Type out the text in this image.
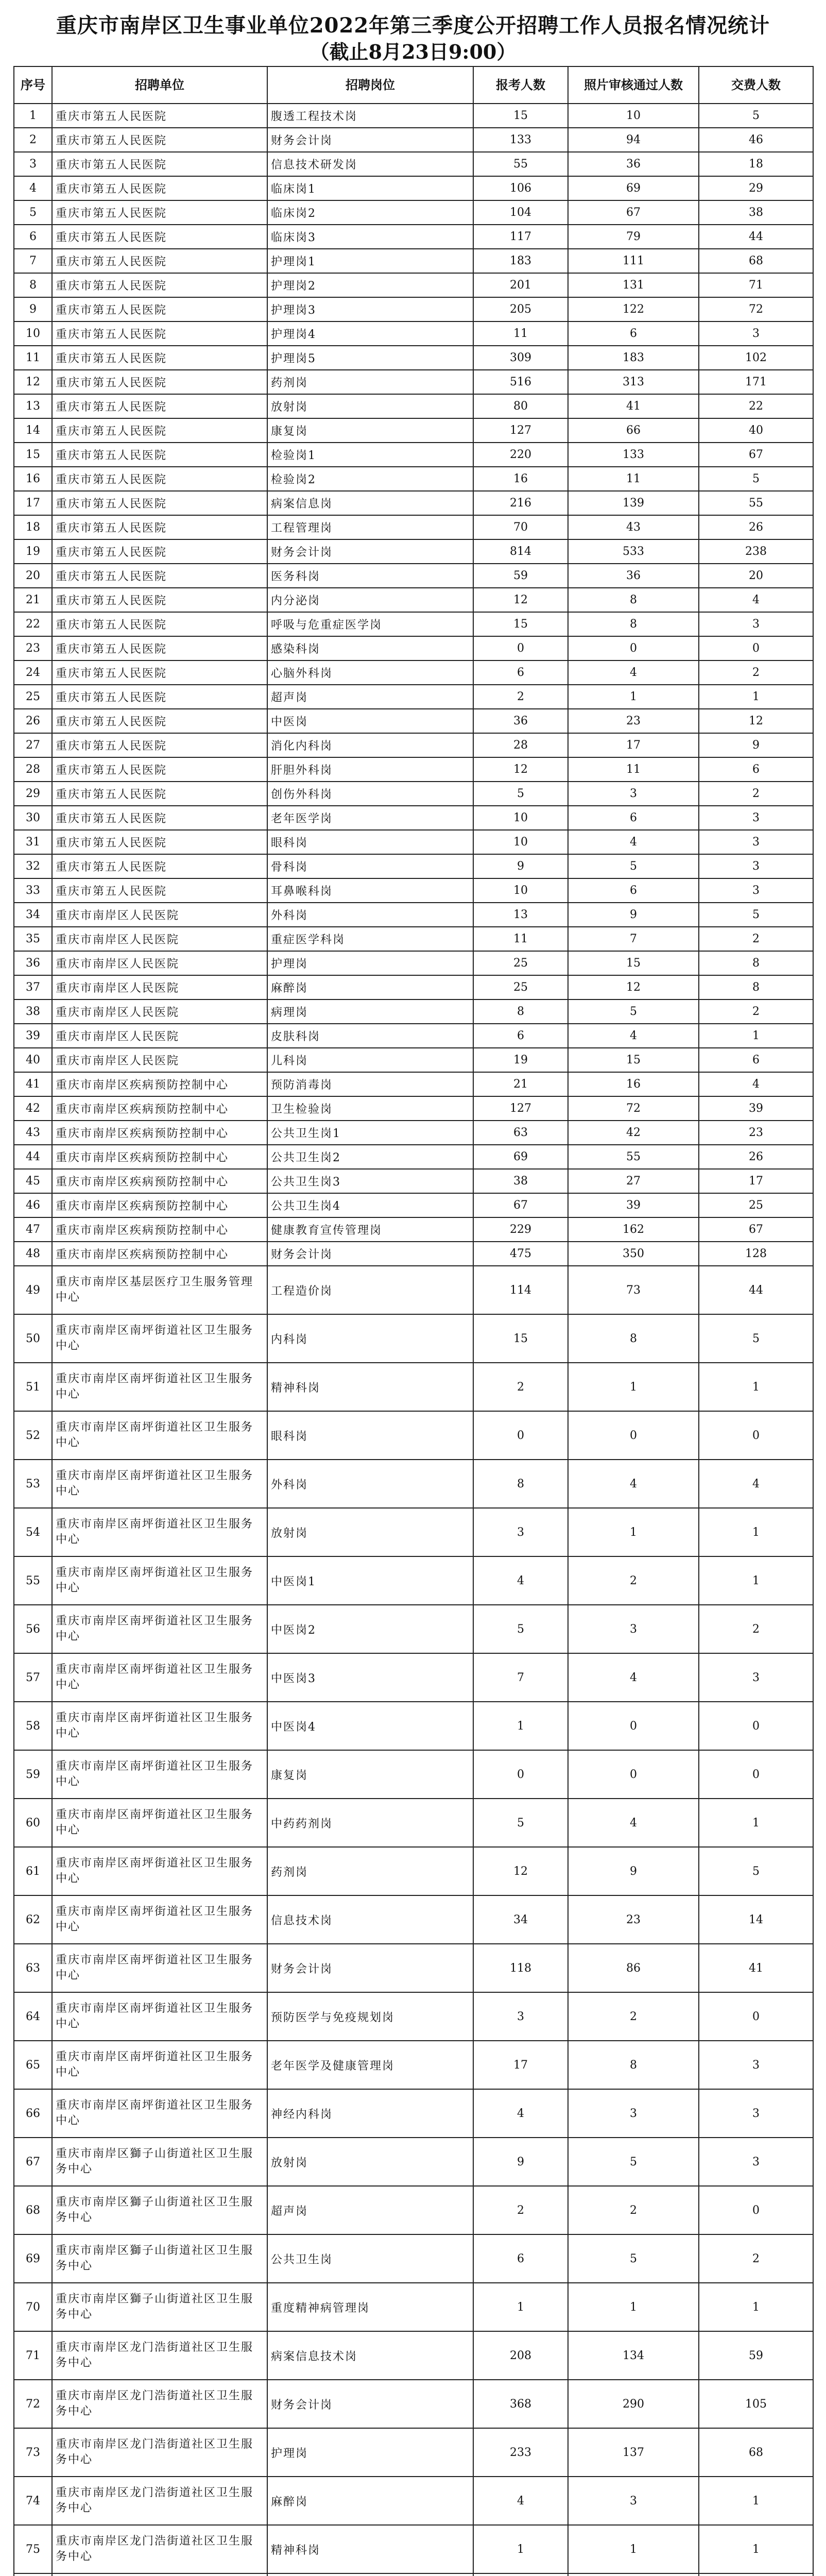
重庆市南岸区卫生事业单位2022年第三季度公开招聘工作人员报名情况统计
（截止8月23日9:00）
序号	招聘单位	招聘岗位	报考人数	照片审核通过人数	交费人数
1	重庆市第五人民医院	腹透工程技术岗	15	10	5
2	重庆市第五人民医院	财务会计岗	133	94	46
3	重庆市第五人民医院	信息技术研发岗	55	36	18
4	重庆市第五人民医院	临床岗1	106	69	29
5	重庆市第五人民医院	临床岗2	104	67	38
6	重庆市第五人民医院	临床岗3	117	79	44
7	重庆市第五人民医院	护理岗1	183	111	68
8	重庆市第五人民医院	护理岗2	201	131	71
9	重庆市第五人民医院	护理岗3	205	122	72
10	重庆市第五人民医院	护理岗4	11	6	3
11	重庆市第五人民医院	护理岗5	309	183	102
12	重庆市第五人民医院	药剂岗	516	313	171
13	重庆市第五人民医院	放射岗	80	41	22
14	重庆市第五人民医院	康复岗	127	66	40
15	重庆市第五人民医院	检验岗1	220	133	67
16	重庆市第五人民医院	检验岗2	16	11	5
17	重庆市第五人民医院	病案信息岗	216	139	55
18	重庆市第五人民医院	工程管理岗	70	43	26
19	重庆市第五人民医院	财务会计岗	814	533	238
20	重庆市第五人民医院	医务科岗	59	36	20
21	重庆市第五人民医院	内分泌岗	12	8	4
22	重庆市第五人民医院	呼吸与危重症医学岗	15	8	3
23	重庆市第五人民医院	感染科岗	0	0	0
24	重庆市第五人民医院	心脑外科岗	6	4	2
25	重庆市第五人民医院	超声岗	2	1	1
26	重庆市第五人民医院	中医岗	36	23	12
27	重庆市第五人民医院	消化内科岗	28	17	9
28	重庆市第五人民医院	肝胆外科岗	12	11	6
29	重庆市第五人民医院	创伤外科岗	5	3	2
30	重庆市第五人民医院	老年医学岗	10	6	3
31	重庆市第五人民医院	眼科岗	10	4	3
32	重庆市第五人民医院	骨科岗	9	5	3
33	重庆市第五人民医院	耳鼻喉科岗	10	6	3
34	重庆市南岸区人民医院	外科岗	13	9	5
35	重庆市南岸区人民医院	重症医学科岗	11	7	2
36	重庆市南岸区人民医院	护理岗	25	15	8
37	重庆市南岸区人民医院	麻醉岗	25	12	8
38	重庆市南岸区人民医院	病理岗	8	5	2
39	重庆市南岸区人民医院	皮肤科岗	6	4	1
40	重庆市南岸区人民医院	儿科岗	19	15	6
41	重庆市南岸区疾病预防控制中心	预防消毒岗	21	16	4
42	重庆市南岸区疾病预防控制中心	卫生检验岗	127	72	39
43	重庆市南岸区疾病预防控制中心	公共卫生岗1	63	42	23
44	重庆市南岸区疾病预防控制中心	公共卫生岗2	69	55	26
45	重庆市南岸区疾病预防控制中心	公共卫生岗3	38	27	17
46	重庆市南岸区疾病预防控制中心	公共卫生岗4	67	39	25
47	重庆市南岸区疾病预防控制中心	健康教育宣传管理岗	229	162	67
48	重庆市南岸区疾病预防控制中心	财务会计岗	475	350	128
49	重庆市南岸区基层医疗卫生服务管理中心	工程造价岗	114	73	44
50	重庆市南岸区南坪街道社区卫生服务中心	内科岗	15	8	5
51	重庆市南岸区南坪街道社区卫生服务中心	精神科岗	2	1	1
52	重庆市南岸区南坪街道社区卫生服务中心	眼科岗	0	0	0
53	重庆市南岸区南坪街道社区卫生服务中心	外科岗	8	4	4
54	重庆市南岸区南坪街道社区卫生服务中心	放射岗	3	1	1
55	重庆市南岸区南坪街道社区卫生服务中心	中医岗1	4	2	1
56	重庆市南岸区南坪街道社区卫生服务中心	中医岗2	5	3	2
57	重庆市南岸区南坪街道社区卫生服务中心	中医岗3	7	4	3
58	重庆市南岸区南坪街道社区卫生服务中心	中医岗4	1	0	0
59	重庆市南岸区南坪街道社区卫生服务中心	康复岗	0	0	0
60	重庆市南岸区南坪街道社区卫生服务中心	中药药剂岗	5	4	1
61	重庆市南岸区南坪街道社区卫生服务中心	药剂岗	12	9	5
62	重庆市南岸区南坪街道社区卫生服务中心	信息技术岗	34	23	14
63	重庆市南岸区南坪街道社区卫生服务中心	财务会计岗	118	86	41
64	重庆市南岸区南坪街道社区卫生服务中心	预防医学与免疫规划岗	3	2	0
65	重庆市南岸区南坪街道社区卫生服务中心	老年医学及健康管理岗	17	8	3
66	重庆市南岸区南坪街道社区卫生服务中心	神经内科岗	4	3	3
67	重庆市南岸区獅子山街道社区卫生服务中心	放射岗	9	5	3
68	重庆市南岸区獅子山街道社区卫生服务中心	超声岗	2	2	0
69	重庆市南岸区獅子山街道社区卫生服务中心	公共卫生岗	6	5	2
70	重庆市南岸区獅子山街道社区卫生服务中心	重度精神病管理岗	1	1	1
71	重庆市南岸区龙门浩街道社区卫生服务中心	病案信息技术岗	208	134	59
72	重庆市南岸区龙门浩街道社区卫生服务中心	财务会计岗	368	290	105
73	重庆市南岸区龙门浩街道社区卫生服务中心	护理岗	233	137	68
74	重庆市南岸区龙门浩街道社区卫生服务中心	麻醉岗	4	3	1
75	重庆市南岸区龙门浩街道社区卫生服务中心	精神科岗	1	1	1
